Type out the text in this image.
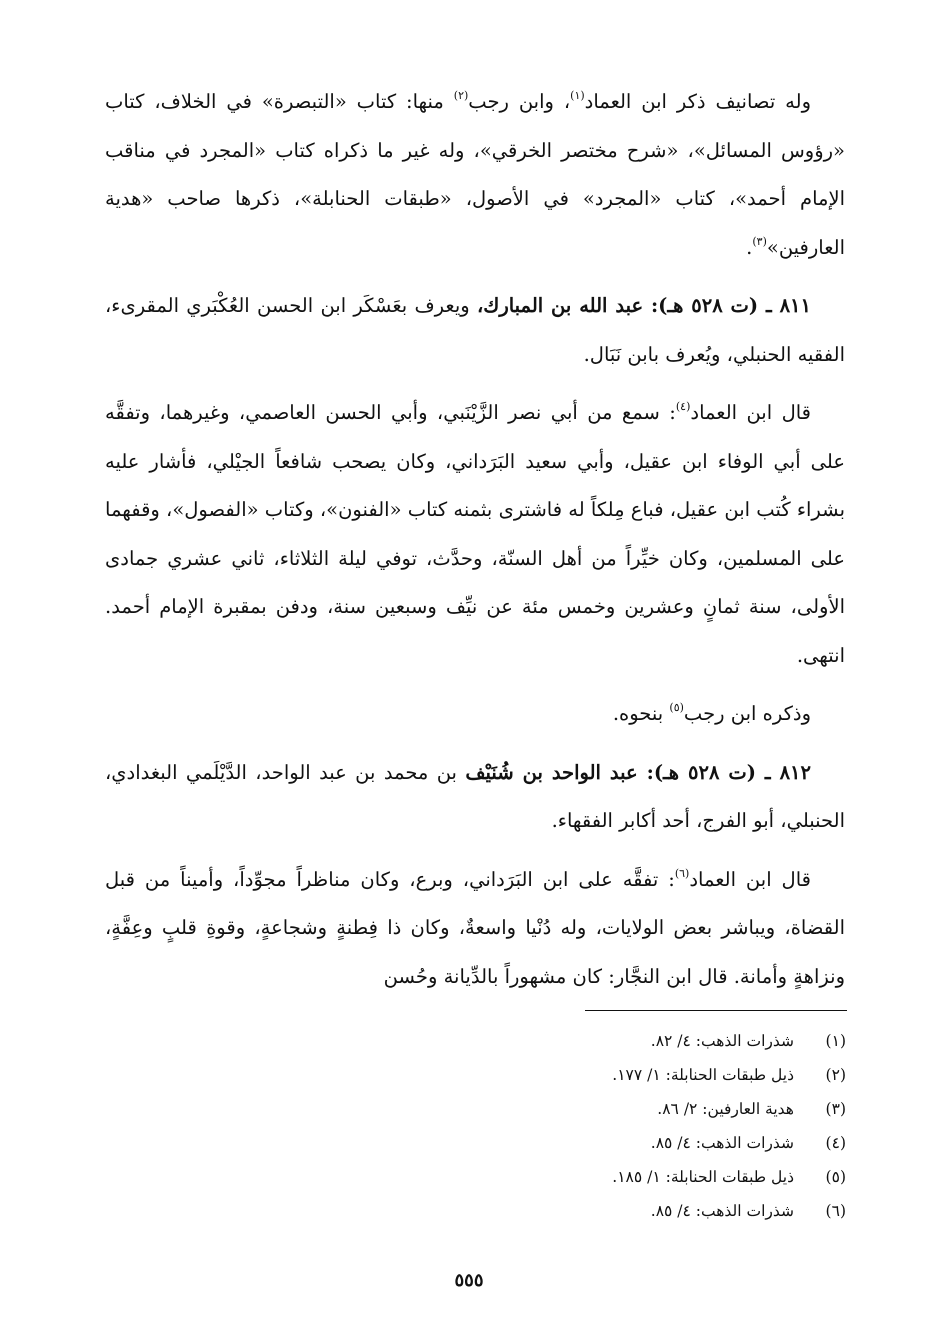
وله تصانيف ذكر ابن العماد$^{(١)}$، وابن رجب$^{(٢)}$ منها: كتاب «التبصرة» في الخلاف، كتاب «رؤوس المسائل»، «شرح مختصر الخرقي»، وله غير ما ذكراه كتاب «المجرد في مناقب الإمام أحمد»، كتاب «المجرد» في الأصول، «طبقات الحنابلة»، ذكرها صاحب «هدية العارفين»$^{(٣)}$.

٨١١ ـ (ت ٥٢٨ هـ): عبد الله بن المبارك، ويعرف بعَسْكَر ابن الحسن العُكْبَري المقرىء، الفقيه الحنبلي، ويُعرف بابن نَبَال.

قال ابن العماد$^{(٤)}$: سمع من أبي نصر الزَّيْنَبي، وأبي الحسن العاصمي، وغيرهما، وتفقَّه على أبي الوفاء ابن عقيل، وأبي سعيد البَرَداني، وكان يصحب شافعاً الجيْلي، فأشار عليه بشراء كُتب ابن عقيل، فباع مِلكاً له فاشترى بثمنه كتاب «الفنون»، وكتاب «الفصول»، وقفهما على المسلمين، وكان خيِّراً من أهل السنّة، وحدَّث، توفي ليلة الثلاثاء، ثاني عشري جمادى الأولى، سنة ثمانٍ وعشرين وخمس مئة عن نيِّف وسبعين سنة، ودفن بمقبرة الإمام أحمد. انتهى.

وذكره ابن رجب$^{(٥)}$ بنحوه.

٨١٢ ـ (ت ٥٢٨ هـ): عبد الواحد بن شُنَيْف بن محمد بن عبد الواحد، الدَّيْلَمي البغدادي، الحنبلي، أبو الفرج، أحد أكابر الفقهاء.

قال ابن العماد$^{(٦)}$: تفقَّه على ابن البَرَداني، وبرع، وكان مناظراً مجوِّداً، وأميناً من قبل القضاة، ويباشر بعض الولايات، وله دُنْيا واسعةٌ، وكان ذا فِطنةٍ وشجاعةٍ، وقوةِ قلبٍ وعِفَّةٍ، ونزاهةٍ وأمانة. قال ابن النجَّار: كان مشهوراً بالدِّيانة وحُسن

(١)شذرات الذهب: ٤/ ٨٢.
(٢)ذيل طبقات الحنابلة: ١/ ١٧٧.
(٣)هدية العارفين: ٢/ ٨٦.
(٤)شذرات الذهب: ٤/ ٨٥.
(٥)ذيل طبقات الحنابلة: ١/ ١٨٥.
(٦)شذرات الذهب: ٤/ ٨٥.
٥٥٥
